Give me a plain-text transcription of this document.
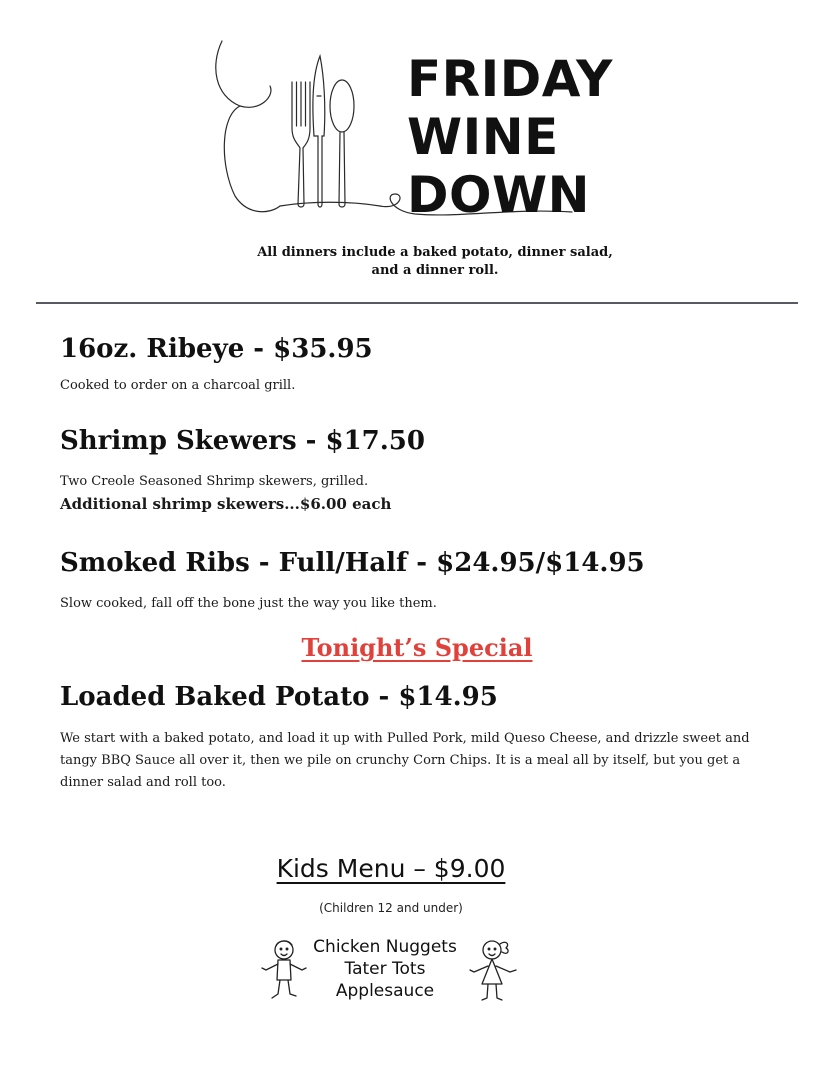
FRIDAY
WINE
DOWN
All dinners include a baked potato, dinner salad, and a dinner roll.
16oz. Ribeye - $35.95
Cooked to order on a charcoal grill.
Shrimp Skewers - $17.50
Two Creole Seasoned Shrimp skewers, grilled.
Additional shrimp skewers...$6.00 each
Smoked Ribs - Full/Half - $24.95/$14.95
Slow cooked, fall off the bone just the way you like them.
Tonight’s Special
Loaded Baked Potato - $14.95
We start with a baked potato, and load it up with Pulled Pork, mild Queso Cheese, and drizzle sweet and tangy BBQ Sauce all over it, then we pile on crunchy Corn Chips. It is a meal all by itself, but you get a dinner salad and roll too.
Kids Menu – $9.00
(Children 12 and under)
Chicken Nuggets
Tater Tots
Applesauce
